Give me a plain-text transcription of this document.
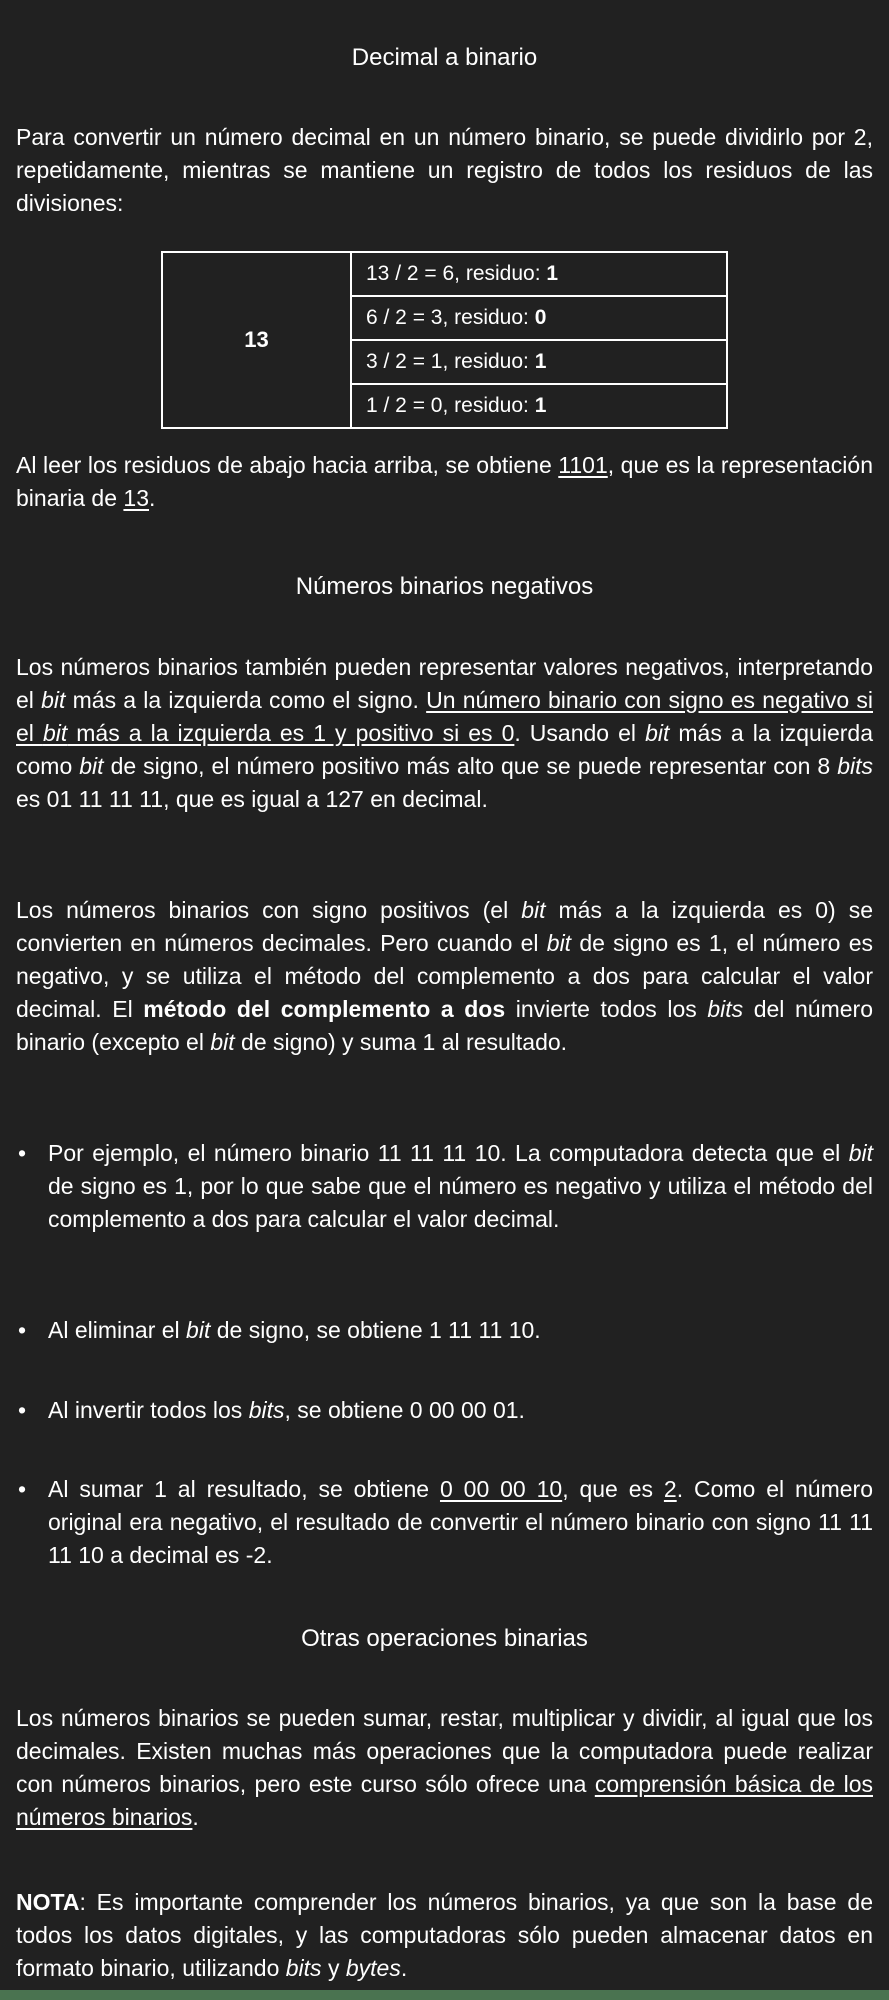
Decimal a binario

Para convertir un número decimal en un número binario, se puede dividirlo por 2, repetidamente, mientras se mantiene un registro de todos los residuos de las divisiones:

13
13 / 2 = 6, residuo:
1
6 / 2 = 3, residuo:
0
3 / 2 = 1, residuo:
1
1 / 2 = 0, residuo:
1

Al leer los residuos de abajo hacia arriba, se obtiene 1101, que es la representación binaria de 13.

Números binarios negativos

Los números binarios también pueden representar valores negativos, interpretando el bit más a la izquierda como el signo. Un número binario con signo es negativo si el bit más a la izquierda es 1 y positivo si es 0. Usando el bit más a la izquierda como bit de signo, el número positivo más alto que se puede representar con 8 bits es 01 11 11 11, que es igual a 127 en decimal.

Los números binarios con signo positivos (el bit más a la izquierda es 0) se convierten en números decimales. Pero cuando el bit de signo es 1, el número es negativo, y se utiliza el método del complemento a dos para calcular el valor decimal. El método del complemento a dos invierte todos los bits del número binario (excepto el bit de signo) y suma 1 al resultado.

• Por ejemplo, el número binario 11 11 11 10. La computadora detecta que el bit de signo es 1, por lo que sabe que el número es negativo y utiliza el método del complemento a dos para calcular el valor decimal.
• Al eliminar el bit de signo, se obtiene 1 11 11 10.
• Al invertir todos los bits, se obtiene 0 00 00 01.
• Al sumar 1 al resultado, se obtiene 0 00 00 10, que es 2. Como el número original era negativo, el resultado de convertir el número binario con signo 11 11 11 10 a decimal es -2.
Otras operaciones binarias

Los números binarios se pueden sumar, restar, multiplicar y dividir, al igual que los decimales. Existen muchas más operaciones que la computadora puede realizar con números binarios, pero este curso sólo ofrece una comprensión básica de los números binarios.

NOTA: Es importante comprender los números binarios, ya que son la base de todos los datos digitales, y las computadoras sólo pueden almacenar datos en formato binario, utilizando bits y bytes.
